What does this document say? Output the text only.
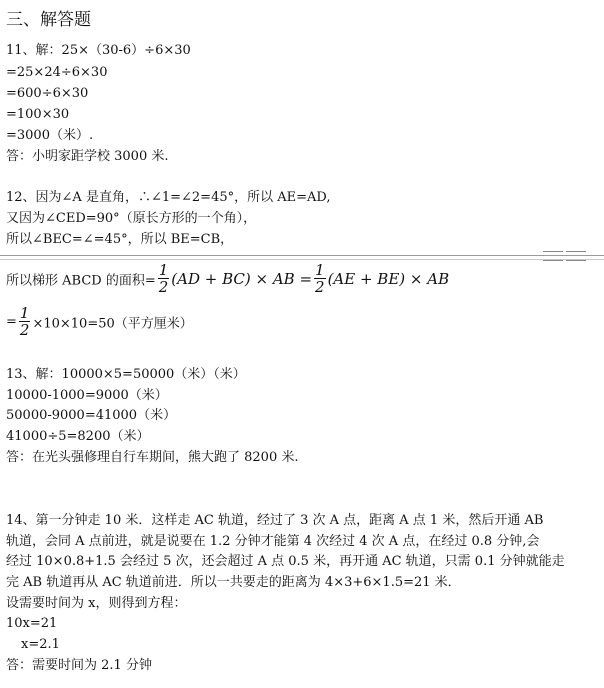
三、解答题
11、解：25×（30-6）÷6×30
=25×24÷6×30
=600÷6×30
=100×30
=3000（米）.
答：小明家距学校 3000 米.
12、因为∠A 是直角，∴∠1=∠2=45°，所以 AE=AD,
又因为∠CED=90°（原长方形的一个角），
所以∠BEC=∠=45°，所以 BE=CB，
所以梯形 ABCD 的面积= $\frac{1}{2} (AD + BC)$ × AB = $\frac{1}{2} (AE + BE)$ × AB
= $\frac{1}{2} \times 10\times 10=50$（平方厘米）
13、解：10000×5=50000（米）（米）
10000-1000=9000（米）
50000-9000=41000（米）
41000÷5=8200（米）
答：在光头强修理自行车期间，熊大跑了 8200 米.
14、第一分钟走 10 米．这样走 AC 轨道，经过了 3 次 A 点，距离 A 点 1 米，然后开通 AB
轨道，会同 A 点前进，就是说要在 1.2 分钟才能第 4 次经过 4 次 A 点，在经过 0.8 分钟,会
经过 10×0.8+1.5 会经过 5 次，还会超过 A 点 0.5 米，再开通 AC 轨道，只需 0.1 分钟就能走
完 AB 轨道再从 AC 轨道前进．所以一共要走的距离为 4×3+6×1.5=21 米．
设需要时间为 x，则得到方程：
10x=21
x=2.1
答：需要时间为 2.1 分钟
